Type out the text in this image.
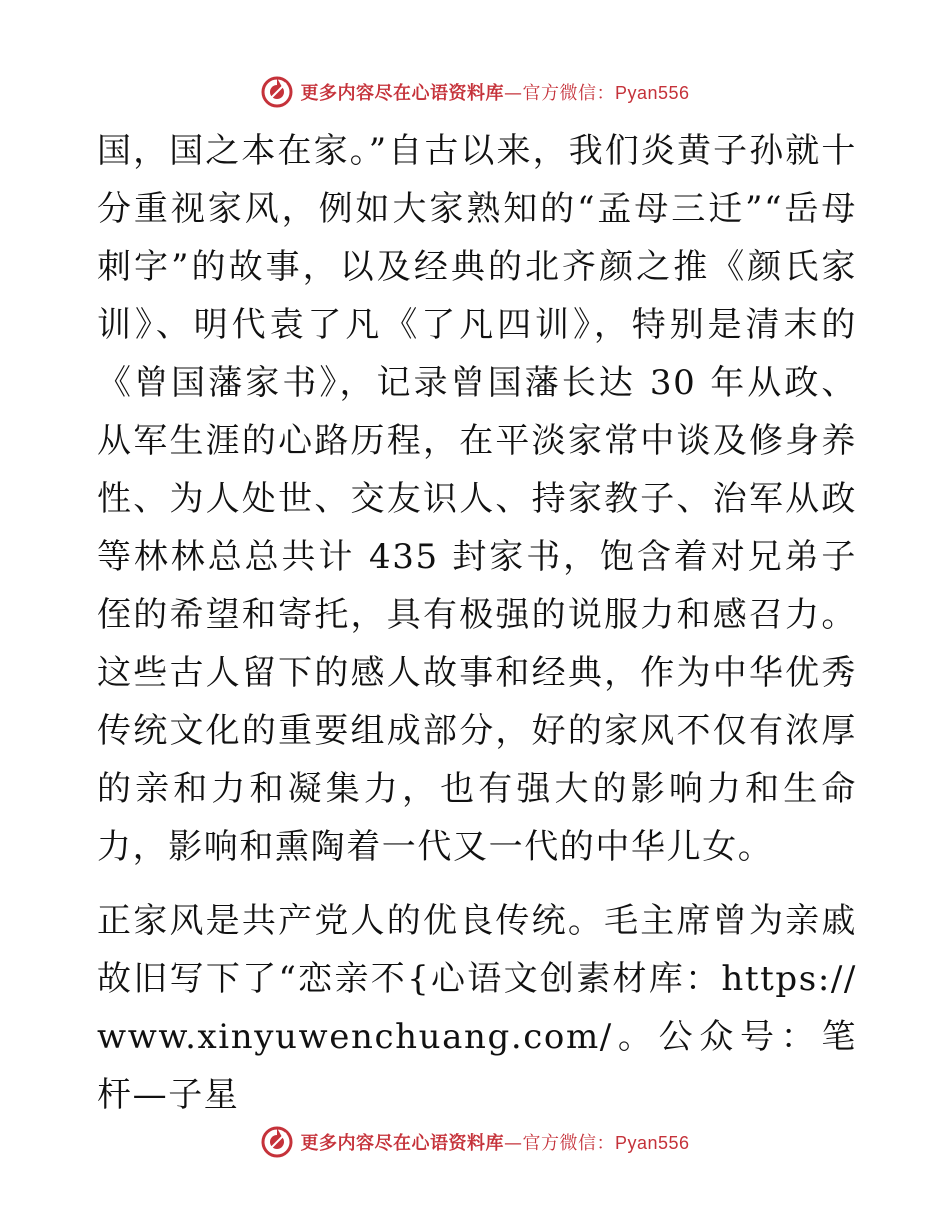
更多内容尽在心语资料库—官方微信：Pyan556

国，国之本在家。”自古以来，我们炎黄子孙就十分重视家风，例如大家熟知的“孟母三迁”“岳母刺字”的故事，以及经典的北齐颜之推《颜氏家训》、明代袁了凡《了凡四训》，特别是清末的《曾国藩家书》，记录曾国藩长达 30 年从政、从军生涯的心路历程，在平淡家常中谈及修身养性、为人处世、交友识人、持家教子、治军从政等林林总总共计 435 封家书，饱含着对兄弟子侄的希望和寄托，具有极强的说服力和感召力。这些古人留下的感人故事和经典，作为中华优秀传统文化的重要组成部分，好的家风不仅有浓厚的亲和力和凝集力，也有强大的影响力和生命力，影响和熏陶着一代又一代的中华儿女。

正家风是共产党人的优良传统。毛主席曾为亲戚故旧写下了“恋亲不{心语文创素材库：https://www.xinyuwenchuang.com/。公众号：笔杆—子星

更多内容尽在心语资料库—官方微信：Pyan556
